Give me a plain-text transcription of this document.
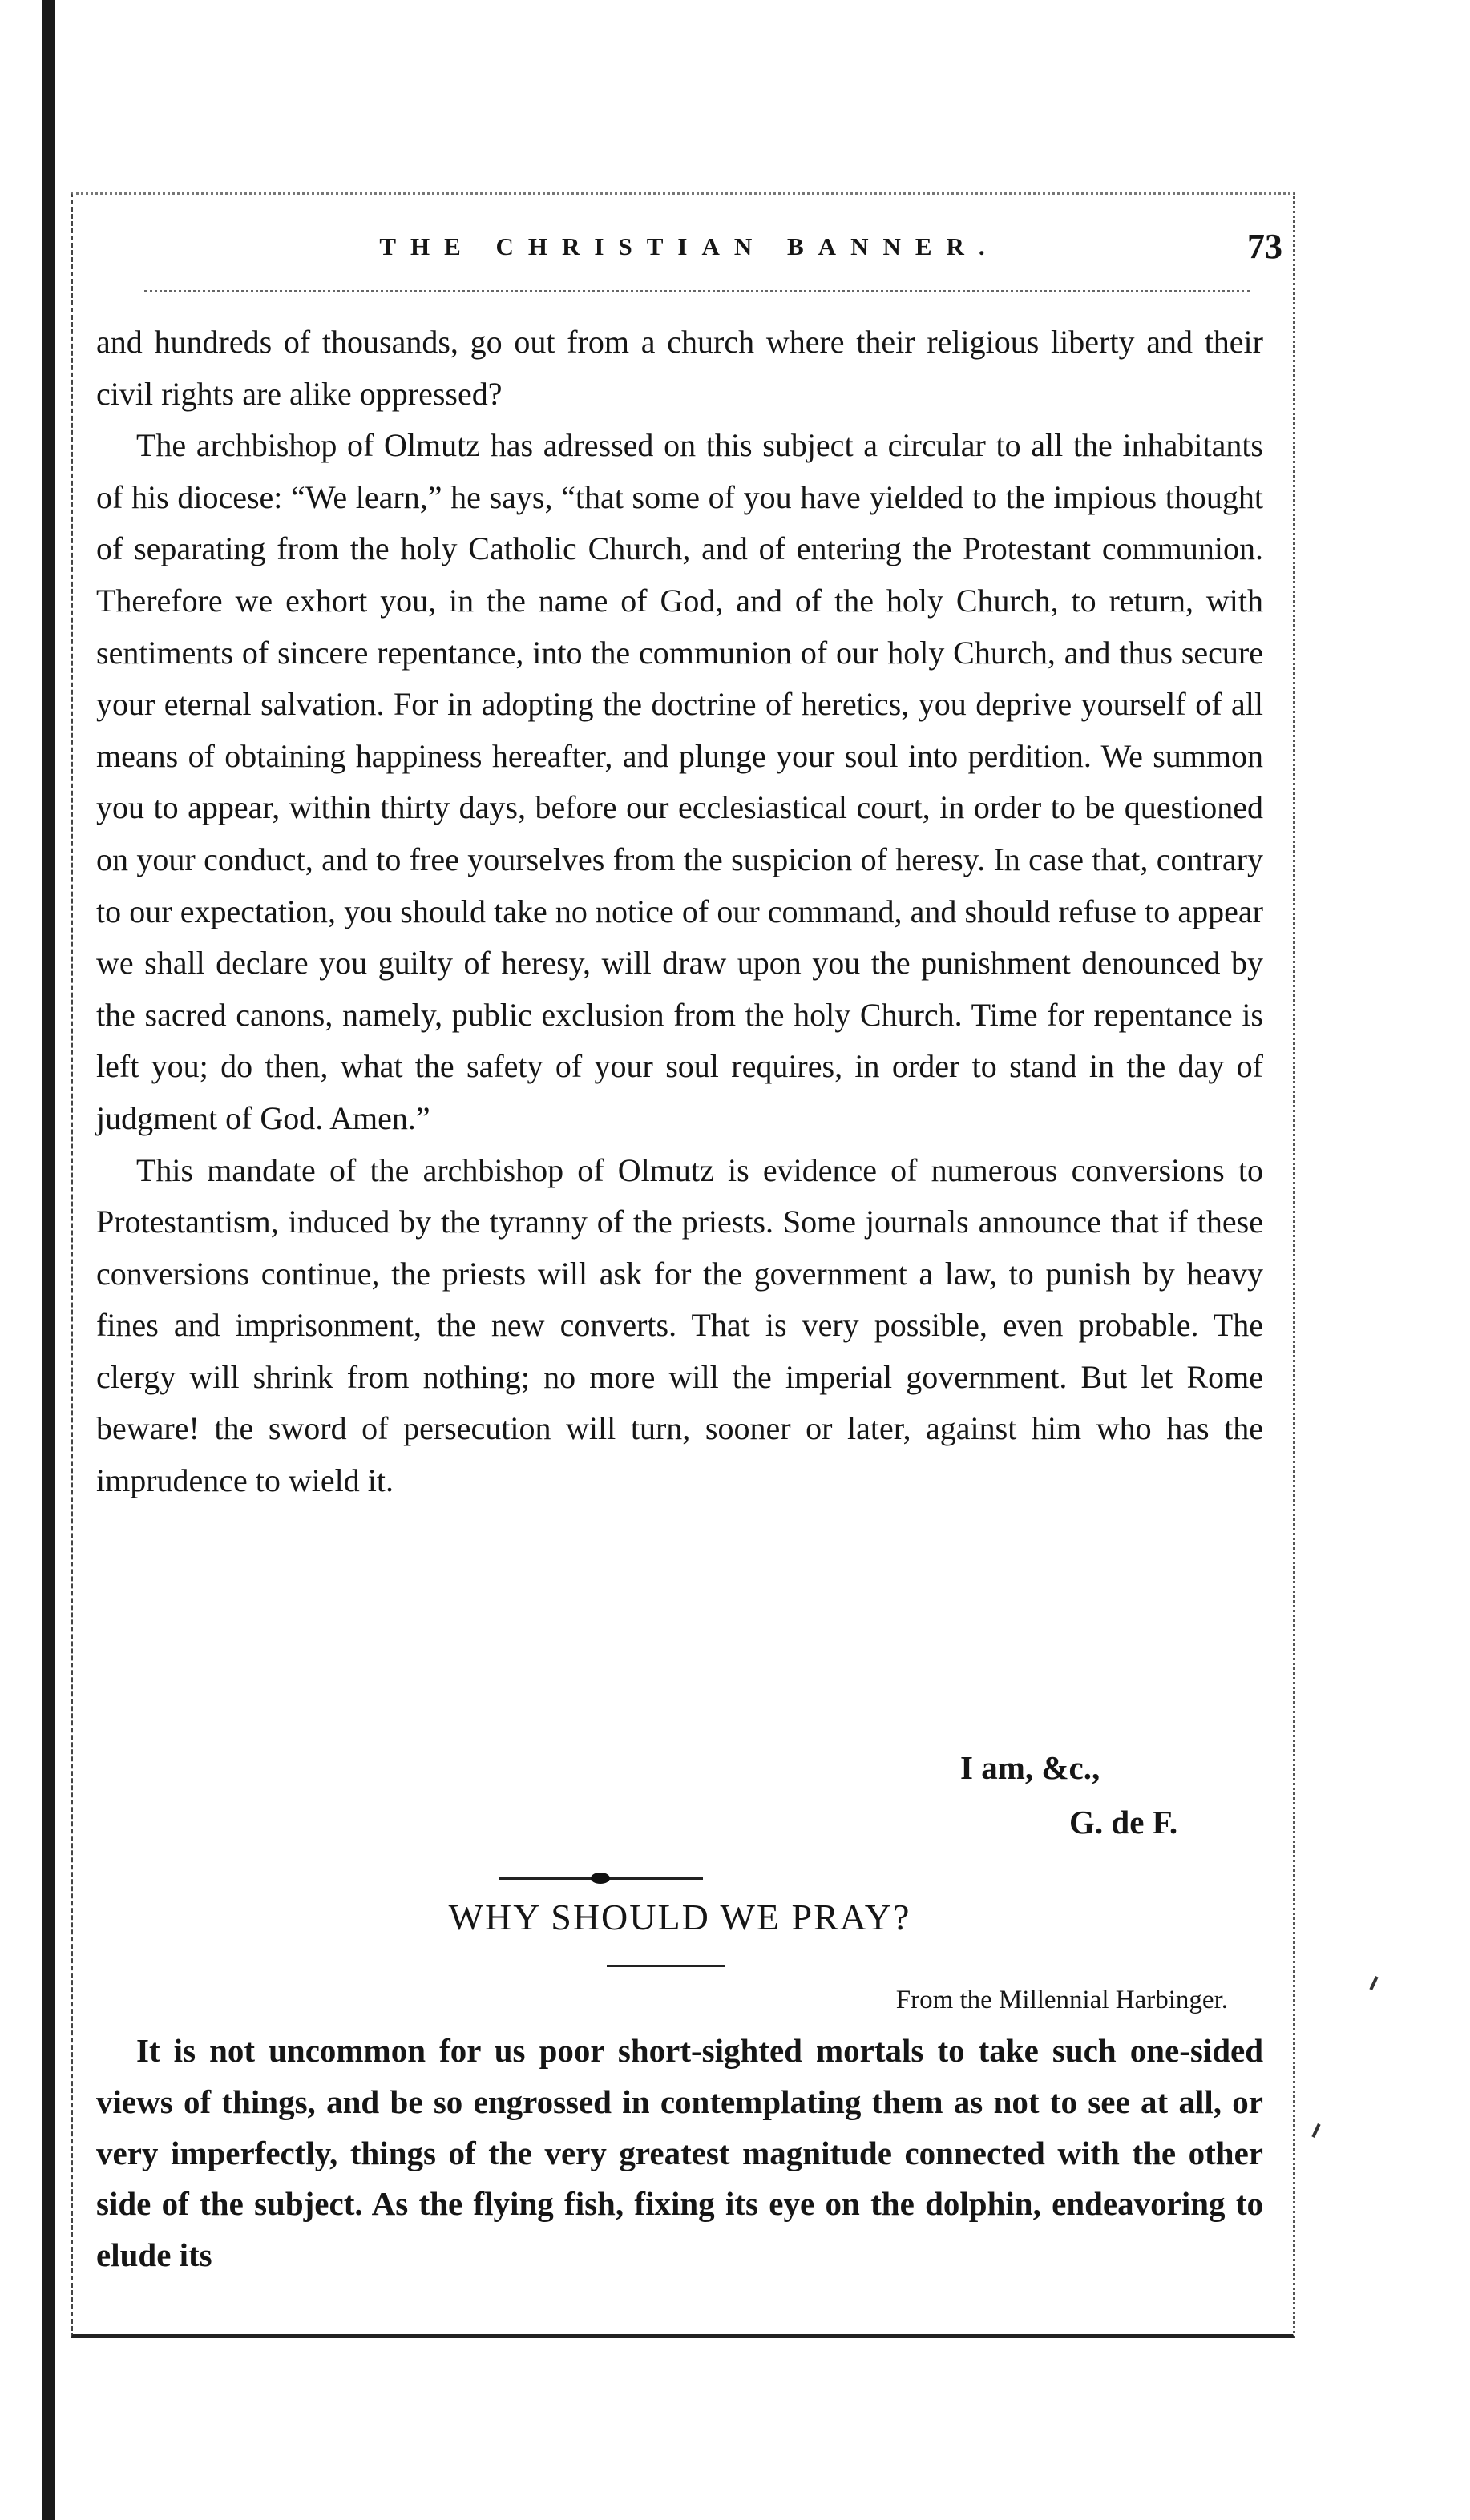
THE CHRISTIAN BANNER.	73

and hundreds of thousands, go out from a church where their religious liberty and their civil rights are alike oppressed?

The archbishop of Olmutz has adressed on this subject a circular to all the inhabitants of his diocese: “We learn,” he says, “that some of you have yielded to the impious thought of separating from the holy Catholic Church, and of entering the Protestant communion. Therefore we exhort you, in the name of God, and of the holy Church, to return, with sentiments of sincere repentance, into the communion of our holy Church, and thus secure your eternal salvation. For in adopting the doctrine of heretics, you deprive yourself of all means of obtaining happiness hereafter, and plunge your soul into perdition. We summon you to appear, within thirty days, before our ecclesiastical court, in order to be questioned on your conduct, and to free yourselves from the suspicion of heresy. In case that, contrary to our expectation, you should take no notice of our command, and should refuse to appear we shall declare you guilty of heresy, will draw upon you the punishment denounced by the sacred canons, namely, public exclusion from the holy Church. Time for repentance is left you; do then, what the safety of your soul requires, in order to stand in the day of judgment of God. Amen.”

This mandate of the archbishop of Olmutz is evidence of numerous conversions to Protestantism, induced by the tyranny of the priests. Some journals announce that if these conversions continue, the priests will ask for the government a law, to punish by heavy fines and imprisonment, the new converts. That is very possible, even probable. The clergy will shrink from nothing; no more will the imperial government. But let Rome beware! the sword of persecution will turn, sooner or later, against him who has the imprudence to wield it.

I am, &c.,
G. de F.
WHY SHOULD WE PRAY?
From the Millennial Harbinger.

It is not uncommon for us poor short-sighted mortals to take such one-sided views of things, and be so engrossed in contemplating them as not to see at all, or very imperfectly, things of the very greatest magnitude connected with the other side of the subject. As the flying fish, fixing its eye on the dolphin, endeavoring to elude its
